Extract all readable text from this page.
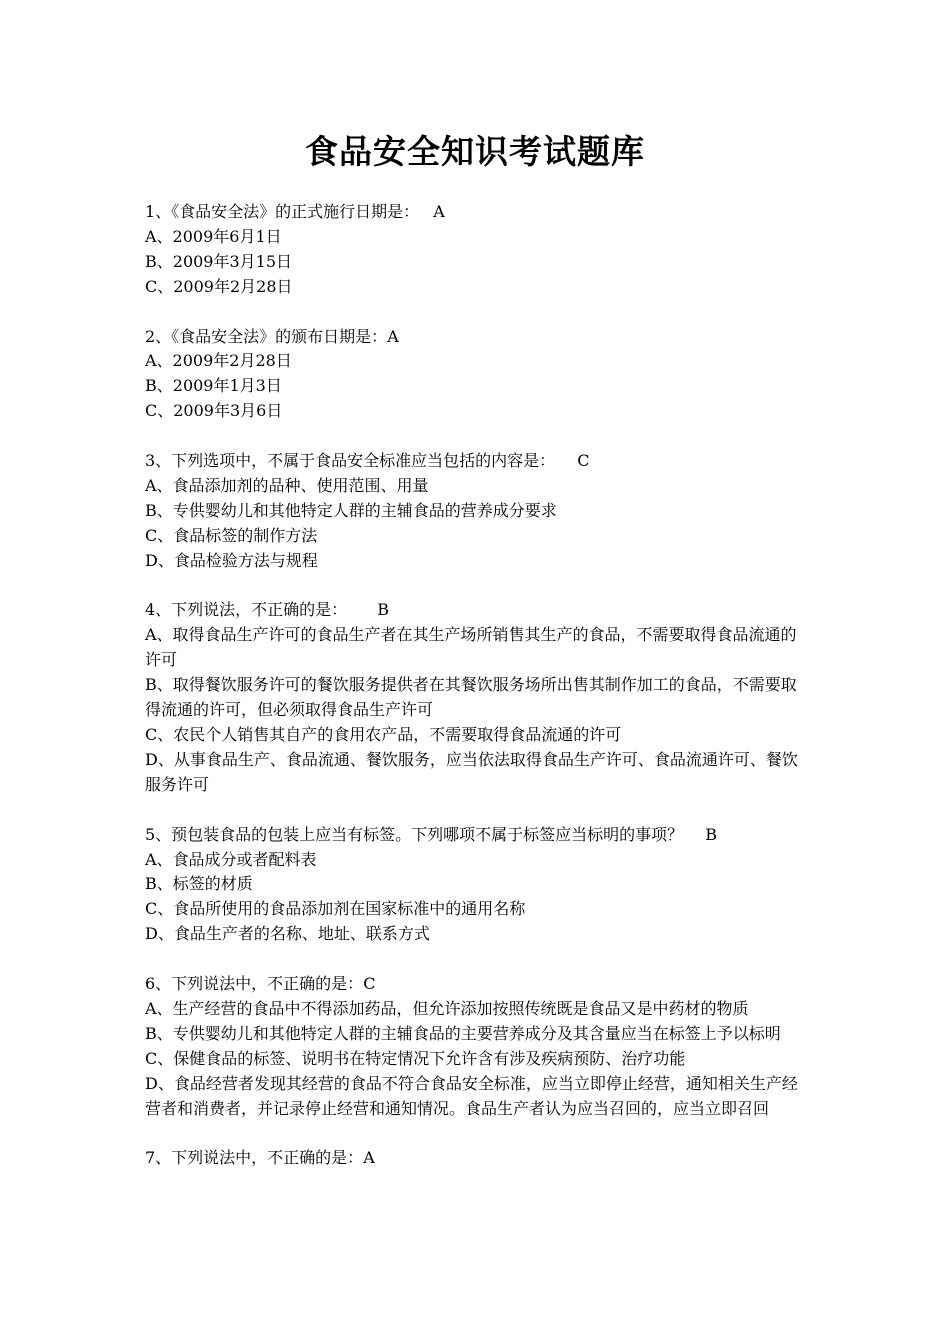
食品安全知识考试题库
1、《食品安全法》的正式施行日期是： A
A、2009年6月1日
B、2009年3月15日
C、2009年2月28日
2、《食品安全法》的颁布日期是：A
A、2009年2月28日
B、2009年1月3日
C、2009年3月6日
3、下列选项中，不属于食品安全标准应当包括的内容是： C
A、食品添加剂的品种、使用范围、用量
B、专供婴幼儿和其他特定人群的主辅食品的营养成分要求
C、食品标签的制作方法
D、食品检验方法与规程
4、下列说法，不正确的是： B
A、取得食品生产许可的食品生产者在其生产场所销售其生产的食品，不需要取得食品流通的许可
B、取得餐饮服务许可的餐饮服务提供者在其餐饮服务场所出售其制作加工的食品，不需要取得流通的许可，但必须取得食品生产许可
C、农民个人销售其自产的食用农产品，不需要取得食品流通的许可
D、从事食品生产、食品流通、餐饮服务，应当依法取得食品生产许可、食品流通许可、餐饮服务许可
5、预包装食品的包装上应当有标签。下列哪项不属于标签应当标明的事项？ B
A、食品成分或者配料表
B、标签的材质
C、食品所使用的食品添加剂在国家标准中的通用名称
D、食品生产者的名称、地址、联系方式
6、下列说法中，不正确的是：C
A、生产经营的食品中不得添加药品，但允许添加按照传统既是食品又是中药材的物质
B、专供婴幼儿和其他特定人群的主辅食品的主要营养成分及其含量应当在标签上予以标明
C、保健食品的标签、说明书在特定情况下允许含有涉及疾病预防、治疗功能
D、食品经营者发现其经营的食品不符合食品安全标准，应当立即停止经营，通知相关生产经营者和消费者，并记录停止经营和通知情况。食品生产者认为应当召回的，应当立即召回
7、下列说法中，不正确的是：A
